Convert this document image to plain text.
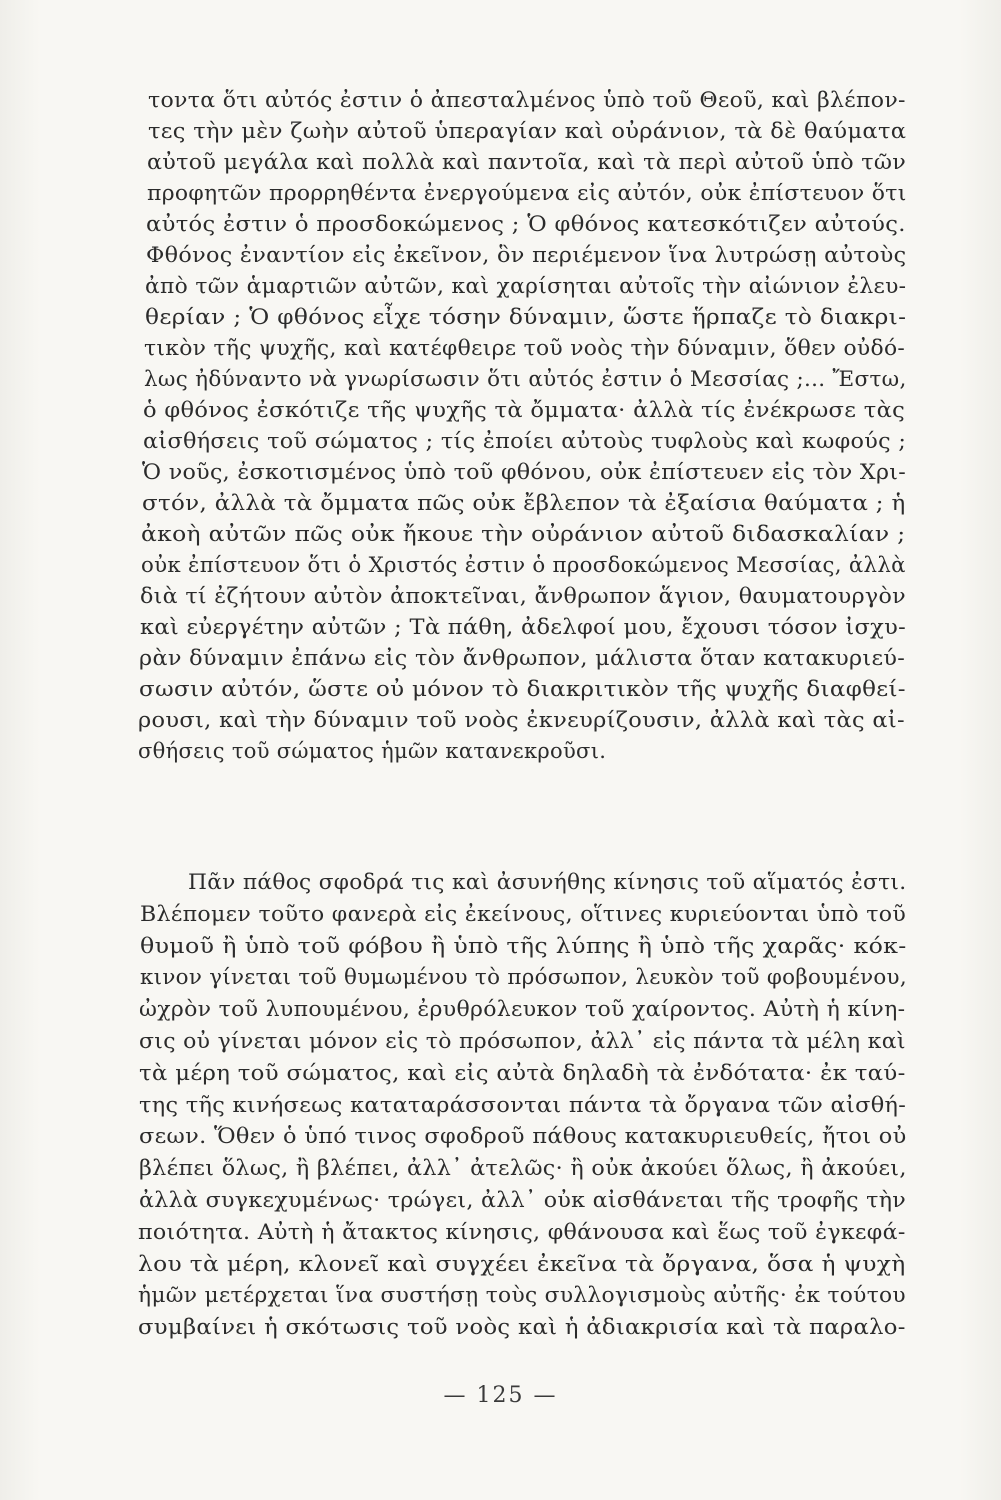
τοντα ὅτι αὐτός ἐστιν ὁ ἀπεσταλμένος ὑπὸ τοῦ Θεοῦ, καὶ βλέπον-
τες τὴν μὲν ζωὴν αὐτοῦ ὑπεραγίαν καὶ οὐράνιον, τὰ δὲ θαύματα
αὐτοῦ μεγάλα καὶ πολλὰ καὶ παντοῖα, καὶ τὰ περὶ αὐτοῦ ὑπὸ τῶν
προφητῶν προρρηθέντα ἐνεργούμενα εἰς αὐτόν, οὐκ ἐπίστευον ὅτι
αὐτός ἐστιν ὁ προσδοκώμενος ; Ὁ φθόνος κατεσκότιζεν αὐτούς.
Φθόνος ἐναντίον εἰς ἐκεῖνον, ὃν περιέμενον ἵνα λυτρώσῃ αὐτοὺς
ἀπὸ τῶν ἁμαρτιῶν αὐτῶν, καὶ χαρίσηται αὐτοῖς τὴν αἰώνιον ἐλευ-
θερίαν ; Ὁ φθόνος εἶχε τόσην δύναμιν, ὥστε ἥρπαζε τὸ διακρι-
τικὸν τῆς ψυχῆς, καὶ κατέφθειρε τοῦ νοὸς τὴν δύναμιν, ὅθεν οὐδό-
λως ἠδύναντο νὰ γνωρίσωσιν ὅτι αὐτός ἐστιν ὁ Μεσσίας ;... Ἔστω,
ὁ φθόνος ἐσκότιζε τῆς ψυχῆς τὰ ὄμματα· ἀλλὰ τίς ἐνέκρωσε τὰς
αἰσθήσεις τοῦ σώματος ; τίς ἐποίει αὐτοὺς τυφλοὺς καὶ κωφούς ;
Ὁ νοῦς, ἐσκοτισμένος ὑπὸ τοῦ φθόνου, οὐκ ἐπίστευεν εἰς τὸν Χρι-
στόν, ἀλλὰ τὰ ὄμματα πῶς οὐκ ἔβλεπον τὰ ἐξαίσια θαύματα ; ἡ
ἀκοὴ αὐτῶν πῶς οὐκ ἤκουε τὴν οὐράνιον αὐτοῦ διδασκαλίαν ;
οὐκ ἐπίστευον ὅτι ὁ Χριστός ἐστιν ὁ προσδοκώμενος Μεσσίας, ἀλλὰ
διὰ τί ἐζήτουν αὐτὸν ἀποκτεῖναι, ἄνθρωπον ἅγιον, θαυματουργὸν
καὶ εὐεργέτην αὐτῶν ; Τὰ πάθη, ἀδελφοί μου, ἔχουσι τόσον ἰσχυ-
ρὰν δύναμιν ἐπάνω εἰς τὸν ἄνθρωπον, μάλιστα ὅταν κατακυριεύ-
σωσιν αὐτόν, ὥστε οὐ μόνον τὸ διακριτικὸν τῆς ψυχῆς διαφθεί-
ρουσι, καὶ τὴν δύναμιν τοῦ νοὸς ἐκνευρίζουσιν, ἀλλὰ καὶ τὰς αἰ-
σθήσεις τοῦ σώματος ἡμῶν κατανεκροῦσι.
Πᾶν πάθος σφοδρά τις καὶ ἀσυνήθης κίνησις τοῦ αἵματός ἐστι.
Βλέπομεν τοῦτο φανερὰ εἰς ἐκείνους, οἵτινες κυριεύονται ὑπὸ τοῦ
θυμοῦ ἢ ὑπὸ τοῦ φόβου ἢ ὑπὸ τῆς λύπης ἢ ὑπὸ τῆς χαρᾶς· κόκ-
κινον γίνεται τοῦ θυμωμένου τὸ πρόσωπον, λευκὸν τοῦ φοβουμένου,
ὠχρὸν τοῦ λυπουμένου, ἐρυθρόλευκον τοῦ χαίροντος. Αὐτὴ ἡ κίνη-
σις οὐ γίνεται μόνον εἰς τὸ πρόσωπον, ἀλλ᾽ εἰς πάντα τὰ μέλη καὶ
τὰ μέρη τοῦ σώματος, καὶ εἰς αὐτὰ δηλαδὴ τὰ ἐνδότατα· ἐκ ταύ-
της τῆς κινήσεως καταταράσσονται πάντα τὰ ὄργανα τῶν αἰσθή-
σεων. Ὅθεν ὁ ὑπό τινος σφοδροῦ πάθους κατακυριευθείς, ἤτοι οὐ
βλέπει ὅλως, ἢ βλέπει, ἀλλ᾽ ἀτελῶς· ἢ οὐκ ἀκούει ὅλως, ἢ ἀκούει,
ἀλλὰ συγκεχυμένως· τρώγει, ἀλλ᾽ οὐκ αἰσθάνεται τῆς τροφῆς τὴν
ποιότητα. Αὐτὴ ἡ ἄτακτος κίνησις, φθάνουσα καὶ ἕως τοῦ ἐγκεφά-
λου τὰ μέρη, κλονεῖ καὶ συγχέει ἐκεῖνα τὰ ὄργανα, ὅσα ἡ ψυχὴ
ἡμῶν μετέρχεται ἵνα συστήσῃ τοὺς συλλογισμοὺς αὐτῆς· ἐκ τούτου
συμβαίνει ἡ σκότωσις τοῦ νοὸς καὶ ἡ ἀδιακρισία καὶ τὰ παραλο-
— 125 —
